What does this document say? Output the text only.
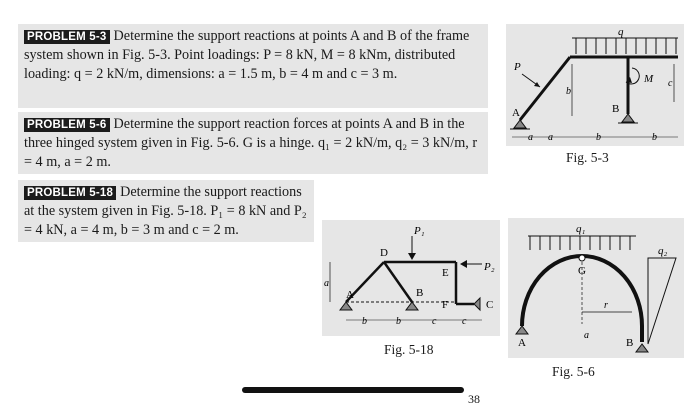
PROBLEM 5-3 Determine the support reactions at points A and B of the frame system shown in Fig. 5-3. Point loadings: P = 8 kN, M = 8 kNm, distributed loading: q = 2 kN/m, dimensions: a = 1.5 m, b = 4 m and c = 3 m.
PROBLEM 5-6 Determine the support reaction forces at points A and B in the three hinged system given in Fig. 5-6. G is a hinge. q₁ = 2 kN/m, q₂ = 3 kN/m, r = 4 m, a = 2 m.
PROBLEM 5-18 Determine the support reactions at the system given in Fig. 5-18. P₁ = 8 kN and P₂ = 4 kN, a = 4 m, b = 3 m and c = 2 m.
q
P
M
A	B
b
c
a a	b	b
Fig. 5-3
P₁
P₂
D
E
F
A	B
C
a
b	b	c	c
Fig. 5-18
q₁
G
r
a
q₂
A	B
Fig. 5-6
38
